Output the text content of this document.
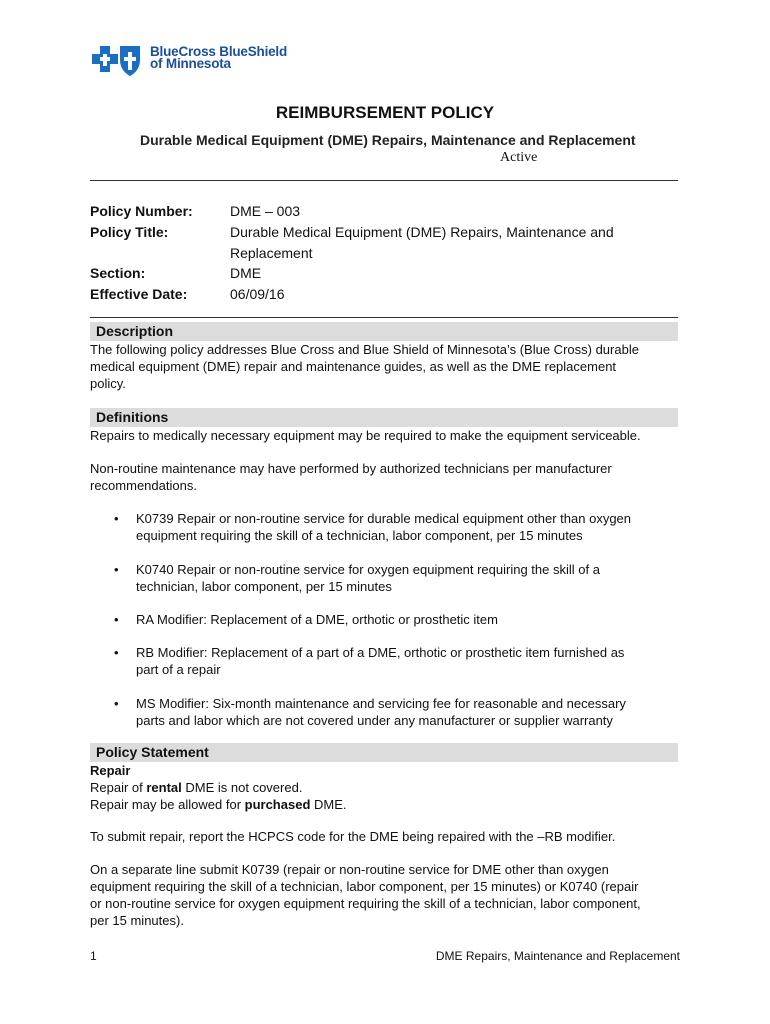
BlueCross BlueShield
of Minnesota
REIMBURSEMENT POLICY
Durable Medical Equipment (DME) Repairs, Maintenance and Replacement
Active
Policy Number:	DME – 003
Policy Title:	Durable Medical Equipment (DME) Repairs, Maintenance and
Replacement
Section:	DME
Effective Date:	06/09/16
Description
The following policy addresses Blue Cross and Blue Shield of Minnesota’s (Blue Cross) durable
medical equipment (DME) repair and maintenance guides, as well as the DME replacement
policy.
Definitions
Repairs to medically necessary equipment may be required to make the equipment serviceable.
Non-routine maintenance may have performed by authorized technicians per manufacturer
recommendations.
• K0739 Repair or non-routine service for durable medical equipment other than oxygen
equipment requiring the skill of a technician, labor component, per 15 minutes
• K0740 Repair or non-routine service for oxygen equipment requiring the skill of a
technician, labor component, per 15 minutes
• RA Modifier: Replacement of a DME, orthotic or prosthetic item
• RB Modifier: Replacement of a part of a DME, orthotic or prosthetic item furnished as
part of a repair
• MS Modifier: Six-month maintenance and servicing fee for reasonable and necessary
parts and labor which are not covered under any manufacturer or supplier warranty
Policy Statement
Repair
Repair of rental DME is not covered.
Repair may be allowed for purchased DME.
To submit repair, report the HCPCS code for the DME being repaired with the –RB modifier.
On a separate line submit K0739 (repair or non-routine service for DME other than oxygen
equipment requiring the skill of a technician, labor component, per 15 minutes) or K0740 (repair
or non-routine service for oxygen equipment requiring the skill of a technician, labor component,
per 15 minutes).
1	DME Repairs, Maintenance and Replacement
